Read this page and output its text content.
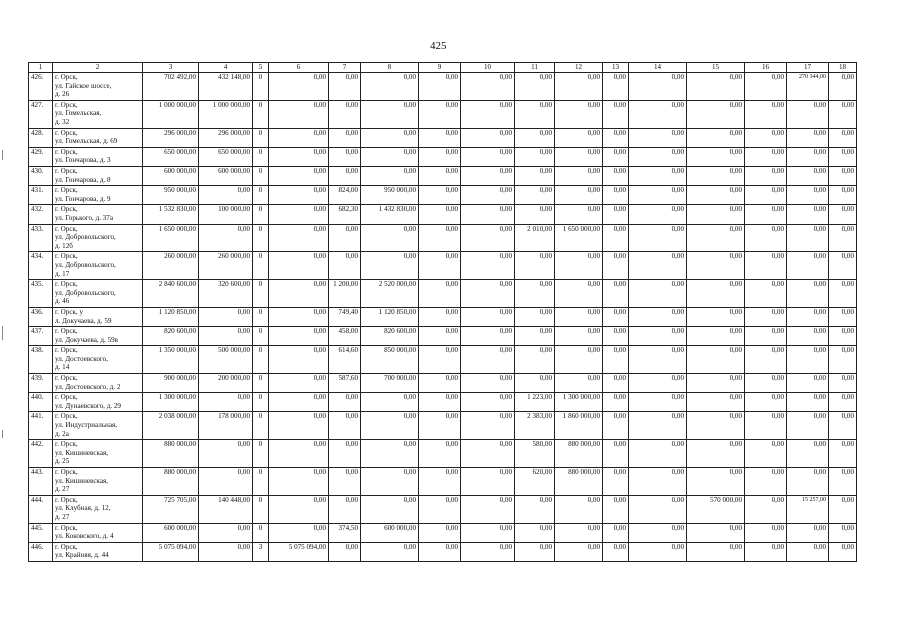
425
1	2	3	4	5	6	7	8	9	10	11	12	13	14	15	16	17	18
426.	г. Орск,
ул. Гайское шоссе,
д. 26	702 492,00	432 148,00	0	0,00	0,00	0,00	0,00	0,00	0,00	0,00	0,00	0,00	0,00	0,00	270 344,00	0,00
427.	г. Орск,
ул. Гомельская,
д. 32	1 000 000,00	1 000 000,00	0	0,00	0,00	0,00	0,00	0,00	0,00	0,00	0,00	0,00	0,00	0,00	0,00	0,00
428.	г. Орск,
ул. Гомельская, д. 69	296 000,00	296 000,00	0	0,00	0,00	0,00	0,00	0,00	0,00	0,00	0,00	0,00	0,00	0,00	0,00	0,00
429.	г. Орск,
ул. Гончарова, д. 3	650 000,00	650 000,00	0	0,00	0,00	0,00	0,00	0,00	0,00	0,00	0,00	0,00	0,00	0,00	0,00	0,00
430.	г. Орск,
ул. Гончарова, д. 8	600 000,00	600 000,00	0	0,00	0,00	0,00	0,00	0,00	0,00	0,00	0,00	0,00	0,00	0,00	0,00	0,00
431.	г. Орск,
ул. Гончарова, д. 9	950 000,00	0,00	0	0,00	824,00	950 000,00	0,00	0,00	0,00	0,00	0,00	0,00	0,00	0,00	0,00	0,00
432.	г. Орск,
ул. Горького, д. 37а	1 532 830,00	100 000,00	0	0,00	682,30	1 432 830,00	0,00	0,00	0,00	0,00	0,00	0,00	0,00	0,00	0,00	0,00
433.	г. Орск,
ул. Добровольского,
д. 12б	1 650 000,00	0,00	0	0,00	0,00	0,00	0,00	0,00	2 010,00	1 650 000,00	0,00	0,00	0,00	0,00	0,00	0,00
434.	г. Орск,
ул. Добровольского,
д. 17	260 000,00	260 000,00	0	0,00	0,00	0,00	0,00	0,00	0,00	0,00	0,00	0,00	0,00	0,00	0,00	0,00
435.	г. Орск,
ул. Добровольского,
д. 46	2 840 600,00	320 600,00	0	0,00	1 200,00	2 520 000,00	0,00	0,00	0,00	0,00	0,00	0,00	0,00	0,00	0,00	0,00
436.	г. Орск, у
л. Докучаева, д. 59	1 120 850,00	0,00	0	0,00	749,40	1 120 850,00	0,00	0,00	0,00	0,00	0,00	0,00	0,00	0,00	0,00	0,00
437.	г. Орск,
ул. Докучаева, д. 59в	820 600,00	0,00	0	0,00	458,00	820 600,00	0,00	0,00	0,00	0,00	0,00	0,00	0,00	0,00	0,00	0,00
438.	г. Орск,
ул. Достоевского,
д. 14	1 350 000,00	500 000,00	0	0,00	614,60	850 000,00	0,00	0,00	0,00	0,00	0,00	0,00	0,00	0,00	0,00	0,00
439.	г. Орск,
ул. Достоевского, д. 2	900 000,00	200 000,00	0	0,00	587,60	700 000,00	0,00	0,00	0,00	0,00	0,00	0,00	0,00	0,00	0,00	0,00
440.	г. Орск,
ул. Дунаевского, д. 29	1 300 000,00	0,00	0	0,00	0,00	0,00	0,00	0,00	1 223,00	1 300 000,00	0,00	0,00	0,00	0,00	0,00	0,00
441.	г. Орск,
ул. Индустриальная,
д. 2а	2 038 000,00	178 000,00	0	0,00	0,00	0,00	0,00	0,00	2 383,00	1 860 000,00	0,00	0,00	0,00	0,00	0,00	0,00
442.	г. Орск,
ул. Кишиневская,
д. 25	880 000,00	0,00	0	0,00	0,00	0,00	0,00	0,00	580,00	880 000,00	0,00	0,00	0,00	0,00	0,00	0,00
443.	г. Орск,
ул. Кишиневская,
д. 27	880 000,00	0,00	0	0,00	0,00	0,00	0,00	0,00	620,00	880 000,00	0,00	0,00	0,00	0,00	0,00	0,00
444.	г. Орск,
ул. Клубная, д. 12,
д. 27	725 705,00	140 448,00	0	0,00	0,00	0,00	0,00	0,00	0,00	0,00	0,00	0,00	570 000,00	0,00	15 257,00	0,00
445.	г. Орск,
ул. Коковского, д. 4	600 000,00	0,00	0	0,00	374,50	600 000,00	0,00	0,00	0,00	0,00	0,00	0,00	0,00	0,00	0,00	0,00
446.	г. Орск,
ул. Крайняя, д. 44	5 075 094,00	0,00	3	5 075 094,00	0,00	0,00	0,00	0,00	0,00	0,00	0,00	0,00	0,00	0,00	0,00	0,00
